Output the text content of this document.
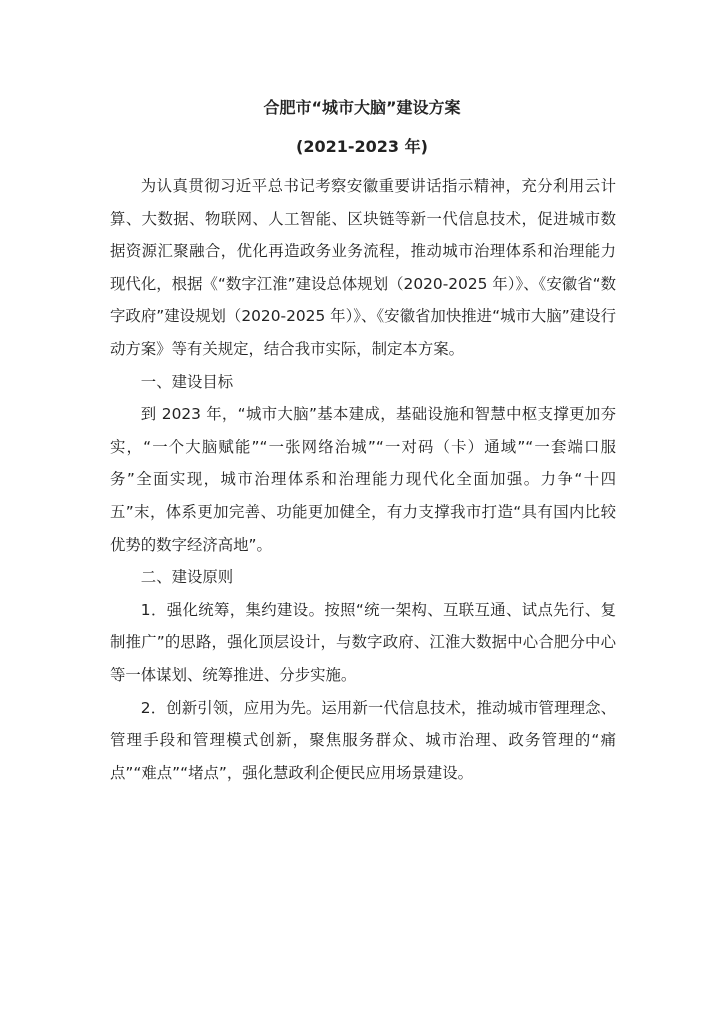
合肥市“城市大脑”建设方案
(2021-2023 年)

为认真贯彻习近平总书记考察安徽重要讲话指示精神，充分利用云计算、大数据、物联网、人工智能、区块链等新一代信息技术，促进城市数据资源汇聚融合，优化再造政务业务流程，推动城市治理体系和治理能力现代化，根据《“数字江淮”建设总体规划（2020-2025 年）》、《安徽省“数字政府”建设规划（2020-2025 年）》、《安徽省加快推进“城市大脑”建设行动方案》等有关规定，结合我市实际，制定本方案。

一、建设目标

到 2023 年，“城市大脑”基本建成，基础设施和智慧中枢支撑更加夯实，“一个大脑赋能”“一张网络治城”“一对码（卡）通域”“一套端口服务”全面实现，城市治理体系和治理能力现代化全面加强。力争“十四五”末，体系更加完善、功能更加健全，有力支撑我市打造“具有国内比较优势的数字经济高地”。

二、建设原则

1．强化统筹，集约建设。按照“统一架构、互联互通、试点先行、复制推广”的思路，强化顶层设计，与数字政府、江淮大数据中心合肥分中心等一体谋划、统筹推进、分步实施。

2．创新引领，应用为先。运用新一代信息技术，推动城市管理理念、管理手段和管理模式创新，聚焦服务群众、城市治理、政务管理的“痛点”“难点”“堵点”，强化慧政利企便民应用场景建设。
